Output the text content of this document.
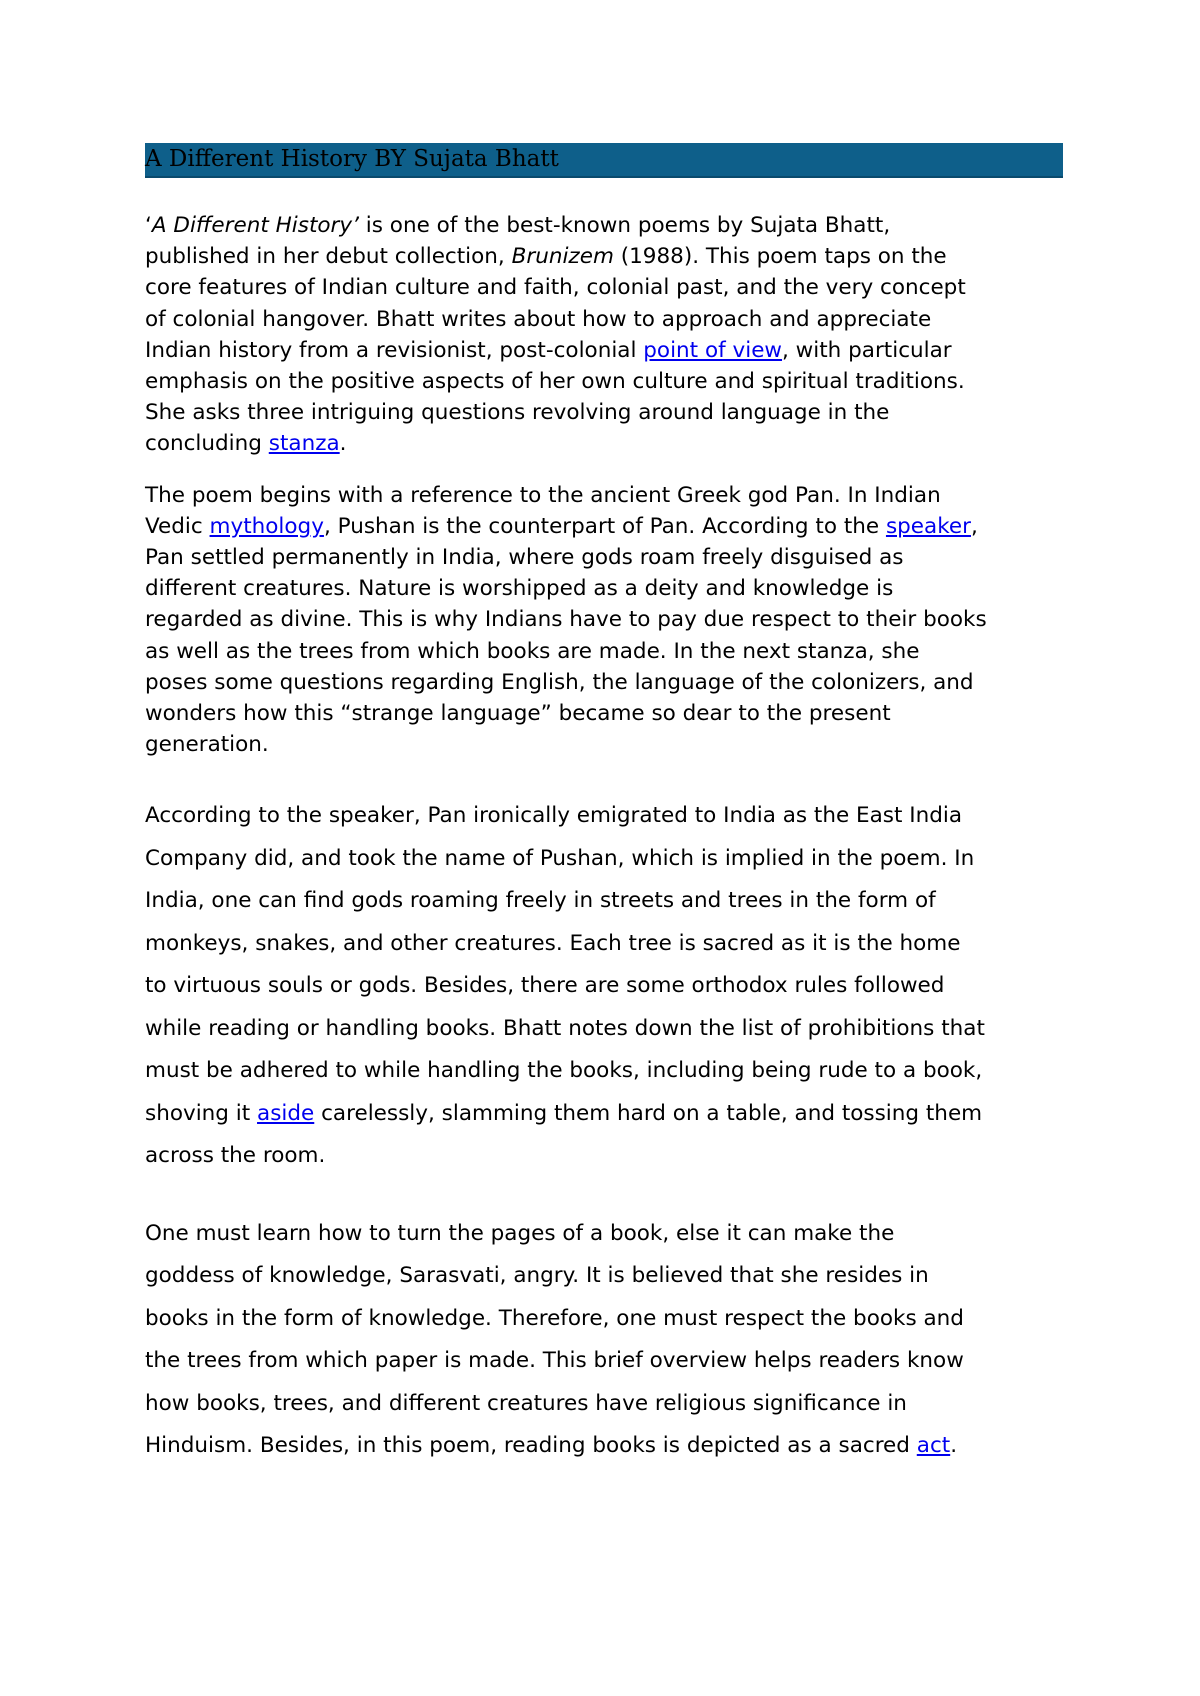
A Different History BY Sujata Bhatt

‘A Different History’ is one of the best-known poems by Sujata Bhatt,
published in her debut collection, Brunizem (1988). This poem taps on the
core features of Indian culture and faith, colonial past, and the very concept
of colonial hangover. Bhatt writes about how to approach and appreciate
Indian history from a revisionist, post-colonial point of view, with particular
emphasis on the positive aspects of her own culture and spiritual traditions.
She asks three intriguing questions revolving around language in the
concluding stanza.

The poem begins with a reference to the ancient Greek god Pan. In Indian
Vedic mythology, Pushan is the counterpart of Pan. According to the speaker,
Pan settled permanently in India, where gods roam freely disguised as
different creatures. Nature is worshipped as a deity and knowledge is
regarded as divine. This is why Indians have to pay due respect to their books
as well as the trees from which books are made. In the next stanza, she
poses some questions regarding English, the language of the colonizers, and
wonders how this “strange language” became so dear to the present
generation.

According to the speaker, Pan ironically emigrated to India as the East India
Company did, and took the name of Pushan, which is implied in the poem. In
India, one can find gods roaming freely in streets and trees in the form of
monkeys, snakes, and other creatures. Each tree is sacred as it is the home
to virtuous souls or gods. Besides, there are some orthodox rules followed
while reading or handling books. Bhatt notes down the list of prohibitions that
must be adhered to while handling the books, including being rude to a book,
shoving it aside carelessly, slamming them hard on a table, and tossing them
across the room.

One must learn how to turn the pages of a book, else it can make the
goddess of knowledge, Sarasvati, angry. It is believed that she resides in
books in the form of knowledge. Therefore, one must respect the books and
the trees from which paper is made. This brief overview helps readers know
how books, trees, and different creatures have religious significance in
Hinduism. Besides, in this poem, reading books is depicted as a sacred act.
